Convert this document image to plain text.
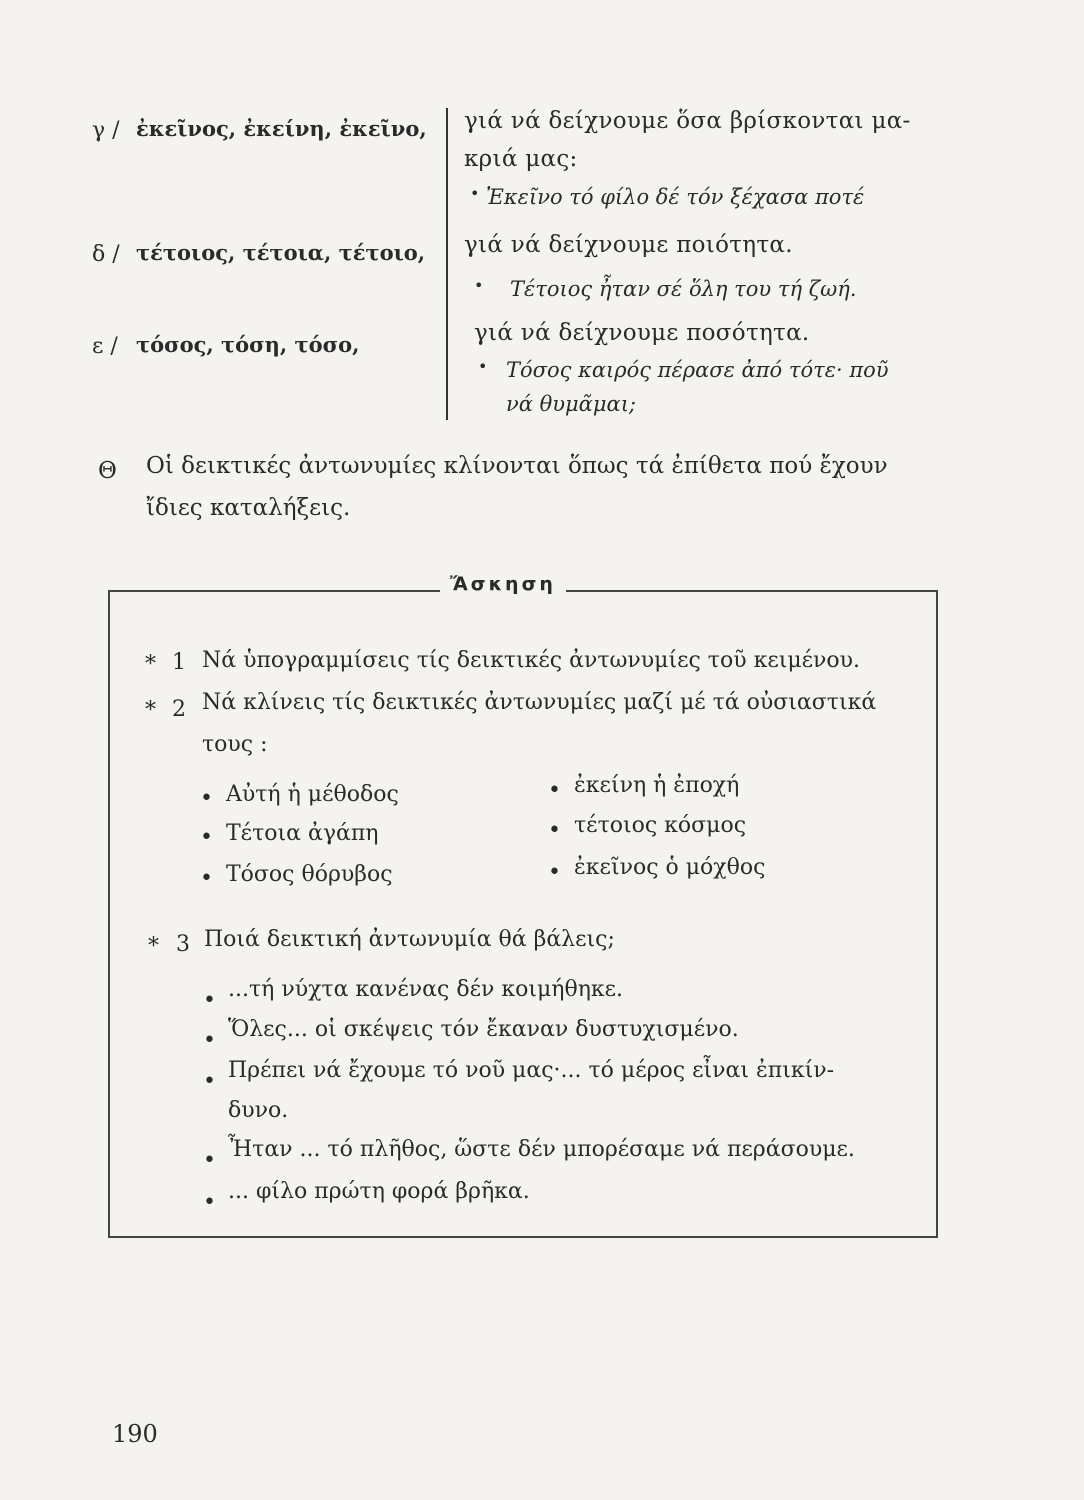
γ / ἐκεῖνος, ἐκείνη, ἐκεῖνο, γιά νά δείχνουμε ὅσα βρίσκονται μα-
κριά μας:
• Ἐκεῖνο τό φίλο δέ τόν ξέχασα ποτέ
δ / τέτοιος, τέτοια, τέτοιο, γιά νά δείχνουμε ποιότητα.
• Τέτοιος ἦταν σέ ὅλη του τή ζωή.
ε / τόσος, τόση, τόσο,	γιά νά δείχνουμε ποσότητα.
• Τόσος καιρός πέρασε ἀπό τότε· ποῦ
νά θυμᾶμαι;
Θ Οἱ δεικτικές ἀντωνυμίες κλίνονται ὅπως τά ἐπίθετα πού ἔχουν
ἴδιες καταλήξεις.
Ἄσκηση
* 1 Νά ὑπογραμμίσεις τίς δεικτικές ἀντωνυμίες τοῦ κειμένου.
* 2 Νά κλίνεις τίς δεικτικές ἀντωνυμίες μαζί μέ τά οὐσιαστικά
τους :
• Αὐτή ἡ μέθοδος
• Τέτοια ἀγάπη
• Τόσος θόρυβος
• ἐκείνη ἡ ἐποχή
• τέτοιος κόσμος
• ἐκεῖνος ὁ μόχθος
* 3 Ποιά δεικτική ἀντωνυμία θά βάλεις;
• ...τή νύχτα κανένας δέν κοιμήθηκε.
• Ὅλες... οἱ σκέψεις τόν ἔκαναν δυστυχισμένο.
• Πρέπει νά ἔχουμε τό νοῦ μας·... τό μέρος εἶναι ἐπικίν-
δυνο.
• Ἦταν ... τό πλῆθος, ὥστε δέν μπορέσαμε νά περάσουμε.
• ... φίλο πρώτη φορά βρῆκα.
190
